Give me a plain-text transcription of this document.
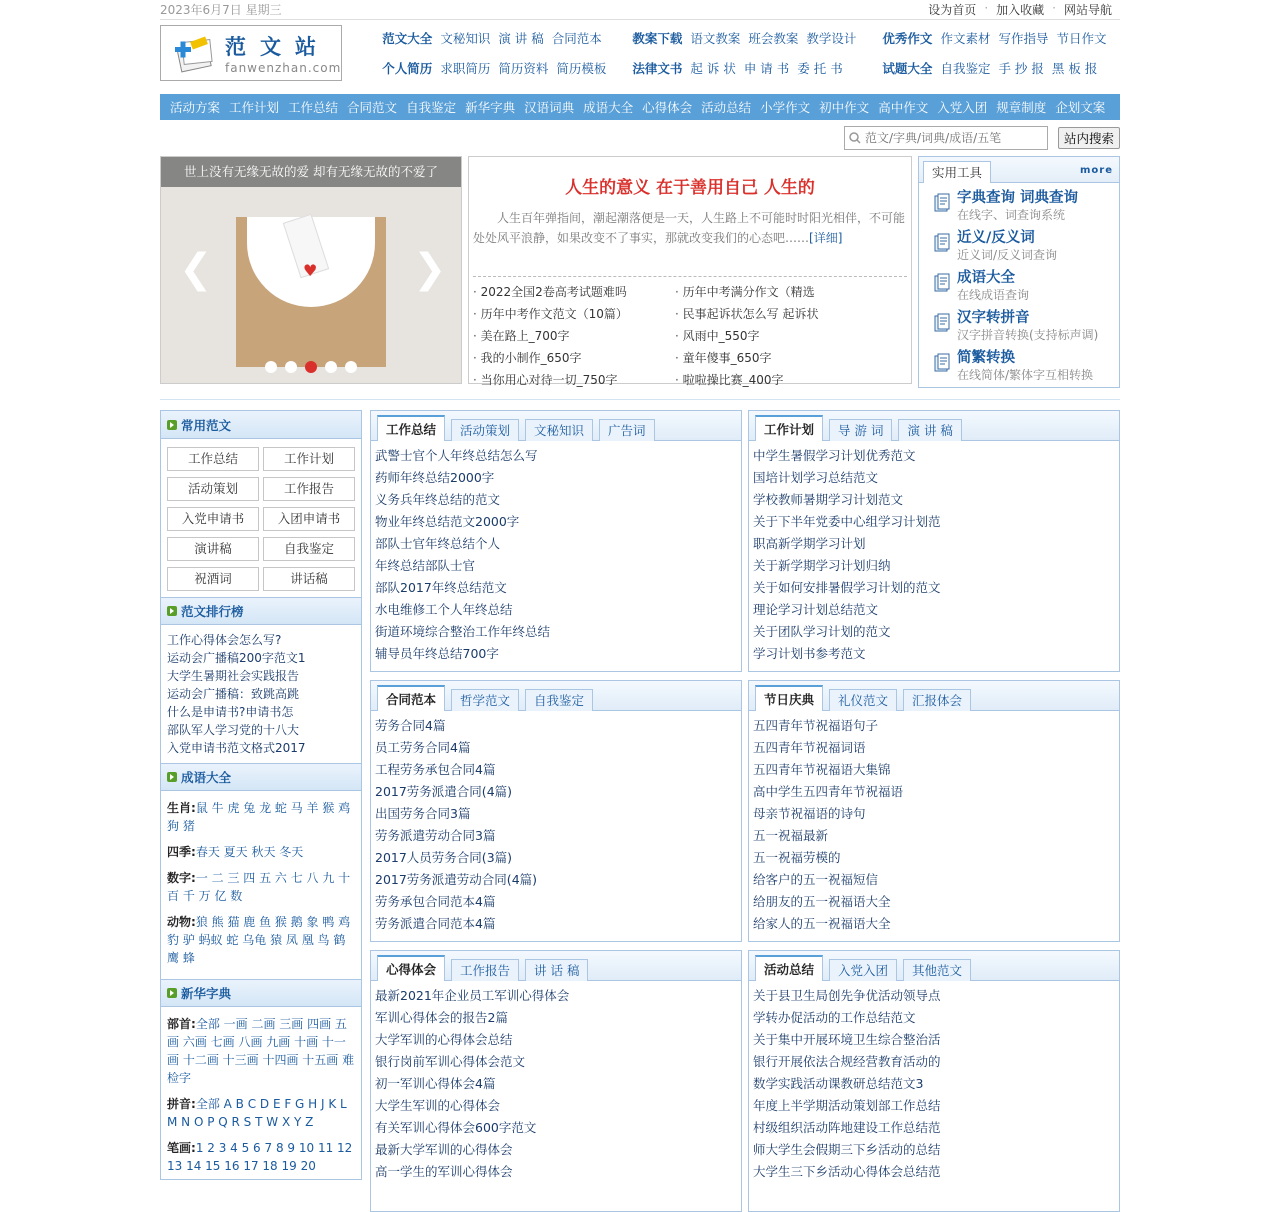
2023年6月7日 星期三	设为首页 · 加入收藏 · 网站导航
范文站
fanwenzhan.com
范文大全 文秘知识 演 讲 稿 合同范本
个人简历 求职简历 简历资料 简历模板
教案下载 语文教案 班会教案 教学设计
法律文书 起 诉 状 申 请 书 委 托 书
优秀作文 作文素材 写作指导 节日作文
试题大全 自我鉴定 手 抄 报 黑 板 报
活动方案 工作计划 工作总结 合同范文 自我鉴定 新华字典 汉语词典 成语大全 心得体会 活动总结 小学作文 初中作文 高中作文 入党入团 规章制度 企划文案
范文/字典/词典/成语/五笔
站内搜索
♥
世上没有无缘无故的爱 却有无缘无故的不爱了
❮	❯
人生的意义 在于善用自己 人生的
人生百年弹指间，潮起潮落便是一天，人生路上不可能时时阳光相伴，不可能处处风平浪静，如果改变不了事实，那就改变我们的心态吧……[详细]
· 2022全国2卷高考试题难吗	· 历年中考满分作文（精选
· 历年中考作文范文（10篇）	· 民事起诉状怎么写 起诉状
· 美在路上_700字	· 风雨中_550字
· 我的小制作_650字	· 童年傻事_650字
· 当你用心对待一切_750字	· 啦啦操比赛_400字
实用工具	more
字典查询 词典查询
在线字、词查询系统
近义/反义词
近义词/反义词查询
成语大全
在线成语查询
汉字转拼音
汉字拼音转换(支持标声调)
简繁转换
在线简体/繁体字互相转换
常用范文
工作总结	工作计划
活动策划	工作报告
入党申请书	入团申请书
演讲稿	自我鉴定
祝酒词	讲话稿
范文排行榜
工作心得体会怎么写?
运动会广播稿200字范文1
大学生暑期社会实践报告
运动会广播稿：致跳高跳
什么是申请书?申请书怎
部队军人学习党的十八大
入党申请书范文格式2017
成语大全

生肖:鼠 牛 虎 兔 龙 蛇 马 羊 猴 鸡 狗 猪

四季:春天 夏天 秋天 冬天

数字:一 二 三 四 五 六 七 八 九 十 百 千 万 亿 数

动物:狼 熊 猫 鹿 鱼 猴 鹅 象 鸭 鸡 豹 驴 蚂蚁 蛇 乌龟 猿 凤 凰 鸟 鹤 鹰 蜂

新华字典

部首:全部 一画 二画 三画 四画 五画 六画 七画 八画 九画 十画 十一画 十二画 十三画 十四画 十五画 难检字

拼音:全部 A B C D E F G H J K L M N O P Q R S T W X Y Z

笔画:1 2 3 4 5 6 7 8 9 10 11 12 13 14 15 16 17 18 19 20

工作总结	活动策划	文秘知识	广告词
武警士官个人年终总结怎么写
药师年终总结2000字
义务兵年终总结的范文
物业年终总结范文2000字
部队士官年终总结个人
年终总结部队士官
部队2017年终总结范文
水电维修工个人年终总结
街道环境综合整治工作年终总结
辅导员年终总结700字
工作计划	导 游 词	演 讲 稿
中学生暑假学习计划优秀范文
国培计划学习总结范文
学校教师暑期学习计划范文
关于下半年党委中心组学习计划范
职高新学期学习计划
关于新学期学习计划归纳
关于如何安排暑假学习计划的范文
理论学习计划总结范文
关于团队学习计划的范文
学习计划书参考范文
合同范本	哲学范文	自我鉴定
劳务合同4篇
员工劳务合同4篇
工程劳务承包合同4篇
2017劳务派遣合同(4篇)
出国劳务合同3篇
劳务派遣劳动合同3篇
2017人员劳务合同(3篇)
2017劳务派遣劳动合同(4篇)
劳务承包合同范本4篇
劳务派遣合同范本4篇
节日庆典	礼仪范文	汇报体会
五四青年节祝福语句子
五四青年节祝福词语
五四青年节祝福语大集锦
高中学生五四青年节祝福语
母亲节祝福语的诗句
五一祝福最新
五一祝福劳模的
给客户的五一祝福短信
给朋友的五一祝福语大全
给家人的五一祝福语大全
心得体会	工作报告	讲 话 稿
最新2021年企业员工军训心得体会
军训心得体会的报告2篇
大学军训的心得体会总结
银行岗前军训心得体会范文
初一军训心得体会4篇
大学生军训的心得体会
有关军训心得体会600字范文
最新大学军训的心得体会
高一学生的军训心得体会
活动总结	入党入团	其他范文
关于县卫生局创先争优活动领导点
学转办促活动的工作总结范文
关于集中开展环境卫生综合整治活
银行开展依法合规经营教育活动的
数学实践活动课教研总结范文3
年度上半学期活动策划部工作总结
村级组织活动阵地建设工作总结范
师大学生会假期三下乡活动的总结
大学生三下乡活动心得体会总结范
